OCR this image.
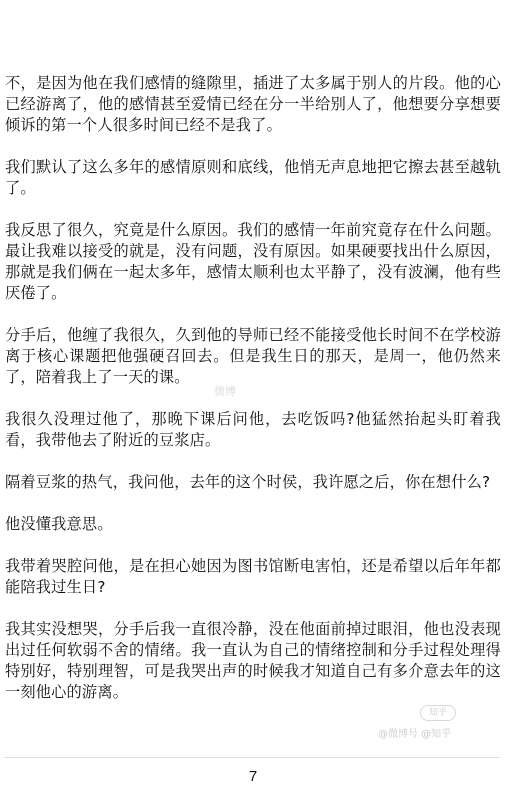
不，是因为他在我们感情的缝隙里，插进了太多属于别人的片段。他的心已经游离了，他的感情甚至爱情已经在分一半给别人了，他想要分享想要倾诉的第一个人很多时间已经不是我了。

我们默认了这么多年的感情原则和底线，他悄无声息地把它擦去甚至越轨了。

我反思了很久，究竟是什么原因。我们的感情一年前究竟存在什么问题。最让我难以接受的就是，没有问题，没有原因。如果硬要找出什么原因，那就是我们俩在一起太多年，感情太顺利也太平静了，没有波澜，他有些厌倦了。

分手后，他缠了我很久，久到他的导师已经不能接受他长时间不在学校游离于核心课题把他强硬召回去。但是我生日的那天，是周一，他仍然来了，陪着我上了一天的课。

我很久没理过他了，那晚下课后问他，去吃饭吗?他猛然抬起头盯着我看，我带他去了附近的豆浆店。

隔着豆浆的热气，我问他，去年的这个时侯，我许愿之后，你在想什么?

他没懂我意思。

我带着哭腔问他，是在担心她因为图书馆断电害怕，还是希望以后年年都能陪我过生日?

我其实没想哭，分手后我一直很冷静，没在他面前掉过眼泪，他也没表现出过任何软弱不舍的情绪。我一直认为自己的情绪控制和分手过程处理得特别好，特别理智，可是我哭出声的时候我才知道自己有多介意去年的这一刻他心的游离。

微博
知乎
@微博号 @知乎
7
